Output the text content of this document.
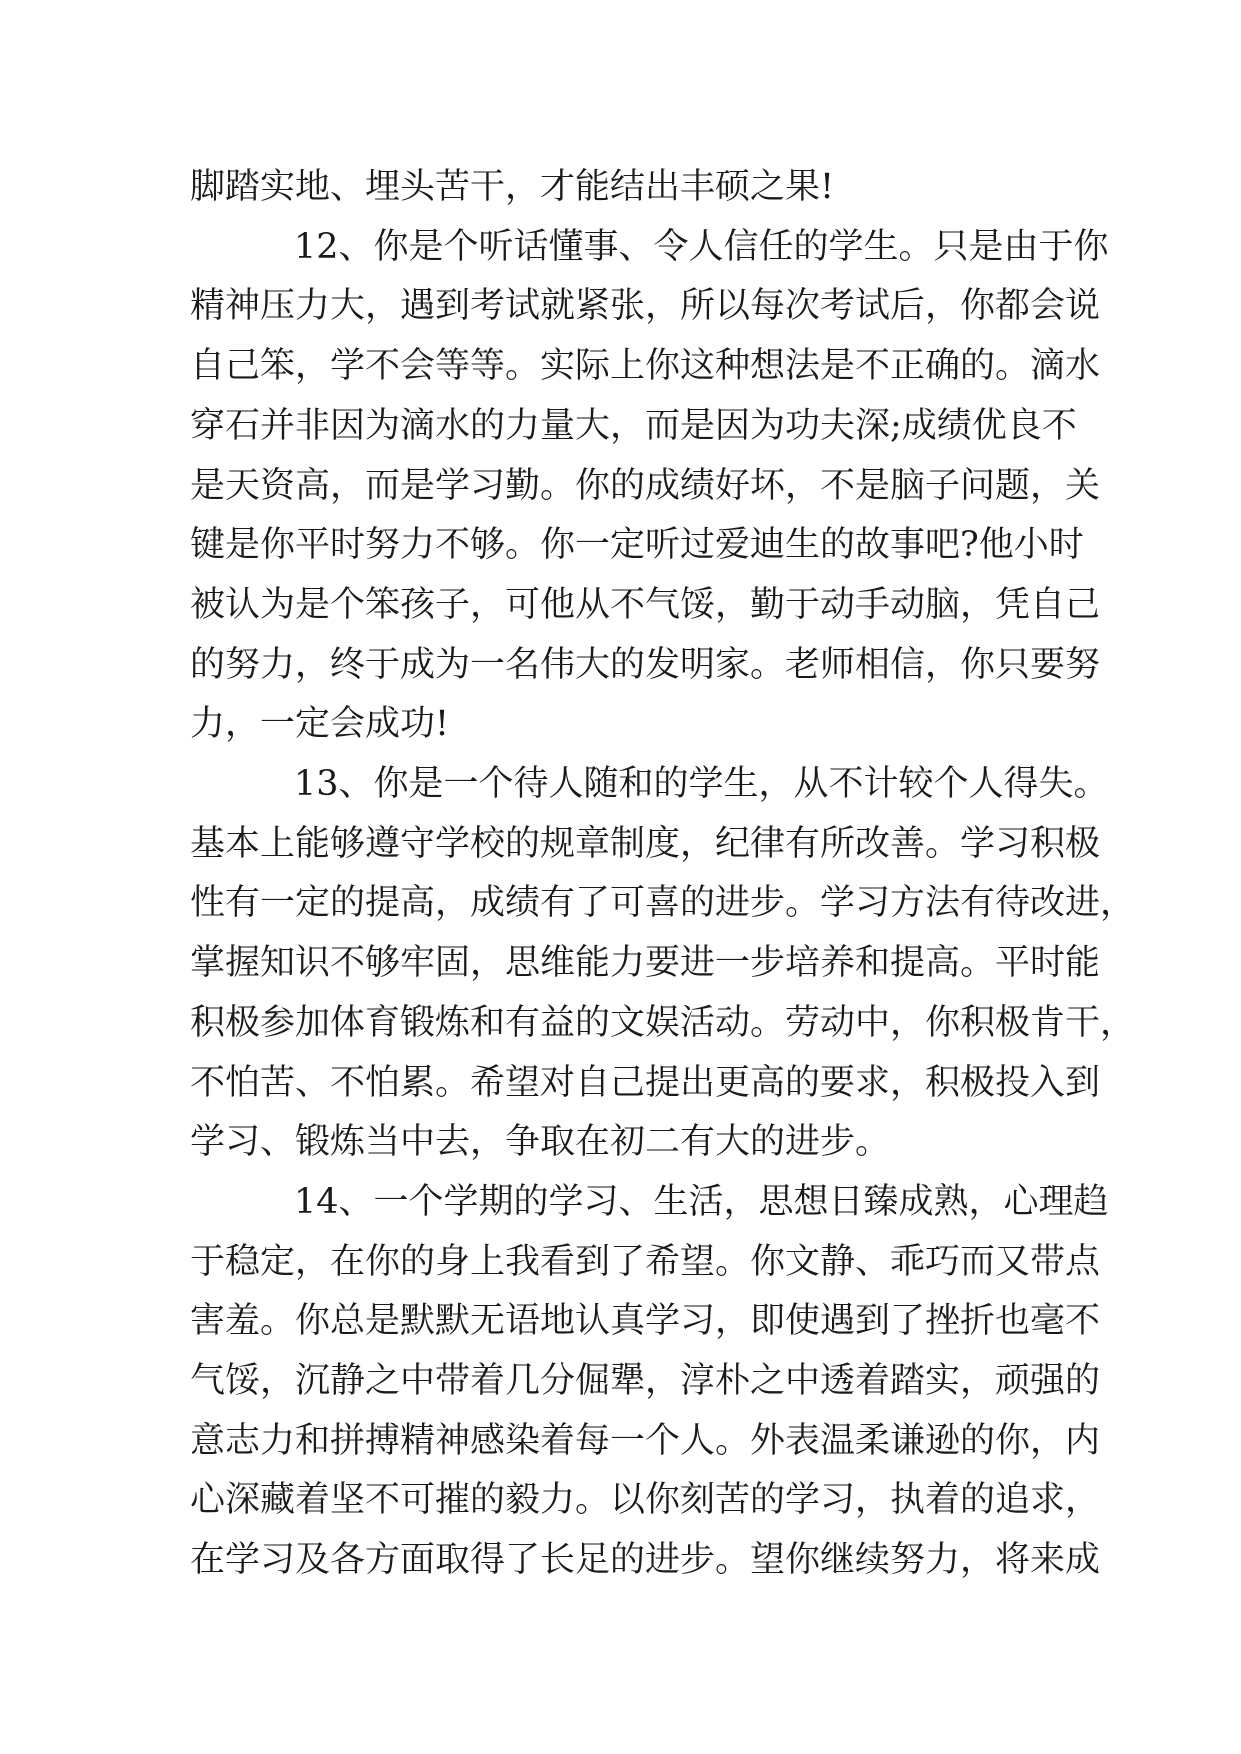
脚踏实地、埋头苦干，才能结出丰硕之果!

12、你是个听话懂事、令人信任的学生。只是由于你

精神压力大，遇到考试就紧张，所以每次考试后，你都会说

自己笨，学不会等等。实际上你这种想法是不正确的。滴水

穿石并非因为滴水的力量大，而是因为功夫深;成绩优良不

是天资高，而是学习勤。你的成绩好坏，不是脑子问题，关

键是你平时努力不够。你一定听过爱迪生的故事吧?他小时

被认为是个笨孩子，可他从不气馁，勤于动手动脑，凭自己

的努力，终于成为一名伟大的发明家。老师相信，你只要努

力，一定会成功!

13、你是一个待人随和的学生，从不计较个人得失。

基本上能够遵守学校的规章制度，纪律有所改善。学习积极

性有一定的提高，成绩有了可喜的进步。学习方法有待改进，

掌握知识不够牢固，思维能力要进一步培养和提高。平时能

积极参加体育锻炼和有益的文娱活动。劳动中，你积极肯干，

不怕苦、不怕累。希望对自己提出更高的要求，积极投入到

学习、锻炼当中去，争取在初二有大的进步。

14、一个学期的学习、生活，思想日臻成熟，心理趋

于稳定，在你的身上我看到了希望。你文静、乖巧而又带点

害羞。你总是默默无语地认真学习，即使遇到了挫折也毫不

气馁，沉静之中带着几分倔犟，淳朴之中透着踏实，顽强的

意志力和拼搏精神感染着每一个人。外表温柔谦逊的你，内

心深藏着坚不可摧的毅力。以你刻苦的学习，执着的追求，

在学习及各方面取得了长足的进步。望你继续努力，将来成
